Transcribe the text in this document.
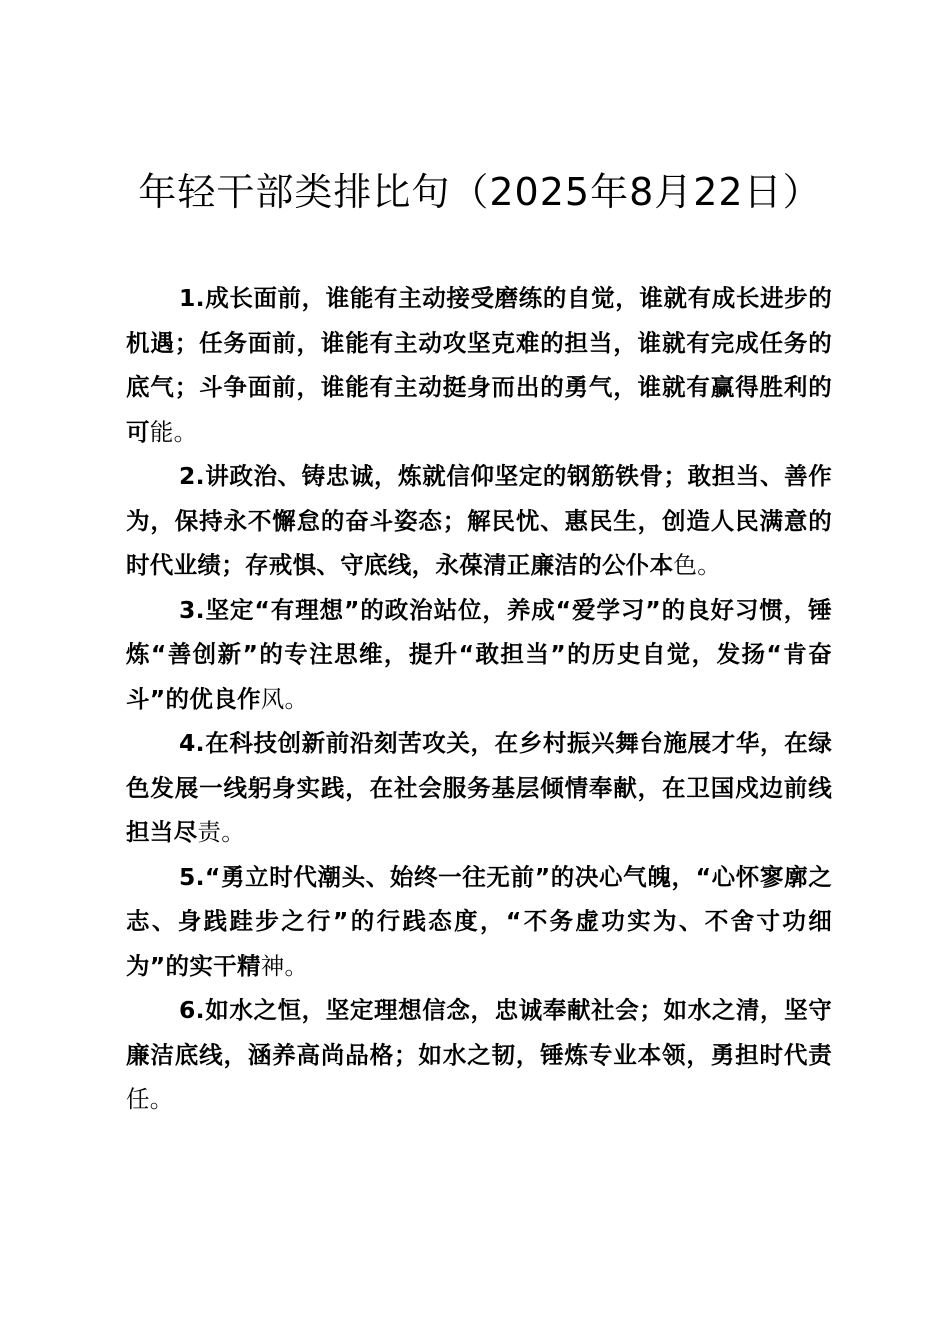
年轻干部类排比句（2025年8月22日）

1.成长面前，谁能有主动接受磨练的自觉，谁就有成长进步的机遇；任务面前，谁能有主动攻坚克难的担当，谁就有完成任务的底气；斗争面前，谁能有主动挺身而出的勇气，谁就有赢得胜利的可能。

2.讲政治、铸忠诚，炼就信仰坚定的钢筋铁骨；敢担当、善作为，保持永不懈怠的奋斗姿态；解民忧、惠民生，创造人民满意的时代业绩；存戒惧、守底线，永葆清正廉洁的公仆本色。

3.坚定“有理想”的政治站位，养成“爱学习”的良好习惯，锤炼“善创新”的专注思维，提升“敢担当”的历史自觉，发扬“肯奋斗”的优良作风。

4.在科技创新前沿刻苦攻关，在乡村振兴舞台施展才华，在绿色发展一线躬身实践，在社会服务基层倾情奉献，在卫国戍边前线担当尽责。

5.“勇立时代潮头、始终一往无前”的决心气魄，“心怀寥廓之志、身践跬步之行”的行践态度，“不务虚功实为、不舍寸功细为”的实干精神。

6.如水之恒，坚定理想信念，忠诚奉献社会；如水之清，坚守廉洁底线，涵养高尚品格；如水之韧，锤炼专业本领，勇担时代责任。
